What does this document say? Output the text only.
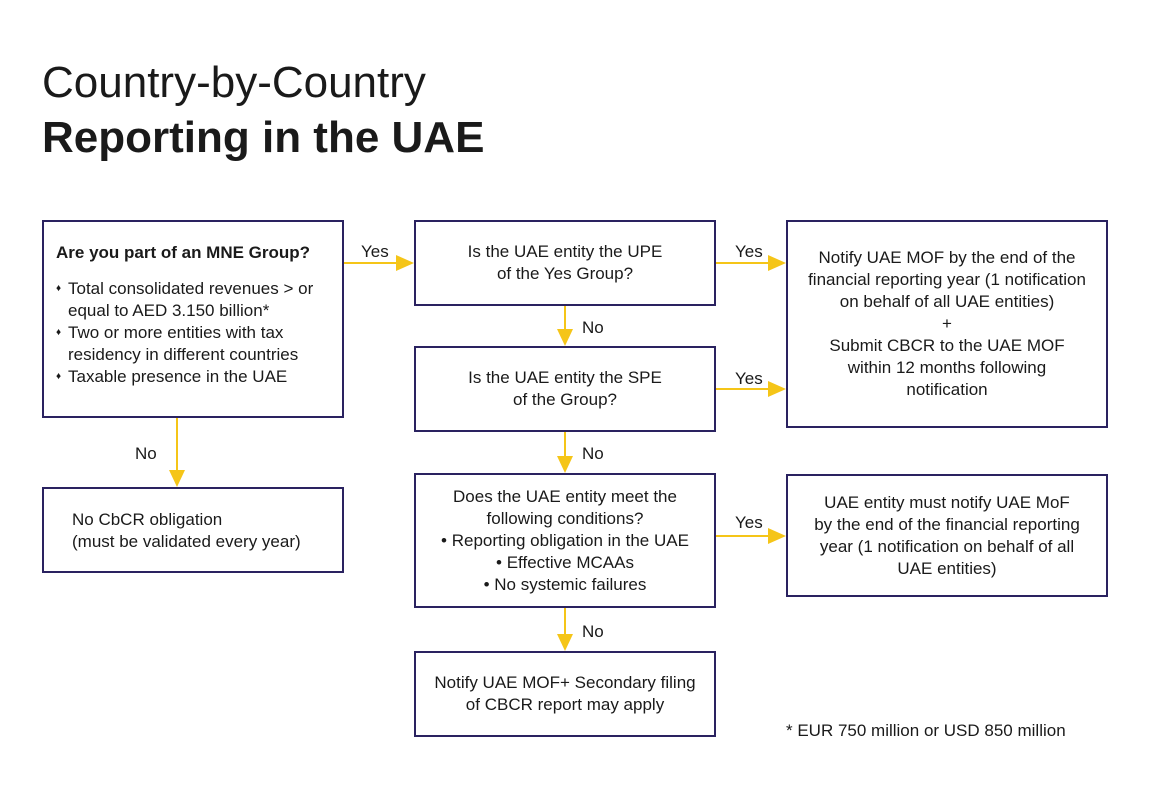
Country-by-Country
Reporting in the UAE
Are you part of an MNE Group?
♦ Total consolidated revenues > or equal to AED 3.150 billion*
♦ Two or more entities with tax residency in different countries
♦ Taxable presence in the UAE
No CbCR obligation
(must be validated every year)
Is the UAE entity the UPE
of the Yes Group?
Is the UAE entity the SPE
of the Group?
Does the UAE entity meet the
following conditions?
• Reporting obligation in the UAE
• Effective MCAAs
• No systemic failures
Notify UAE MOF+ Secondary filing
of CBCR report may apply
Notify UAE MOF by the end of the
financial reporting year (1 notification
on behalf of all UAE entities)
+
Submit CBCR to the UAE MOF
within 12 months following
notification
UAE entity must notify UAE MoF
by the end of the financial reporting
year (1 notification on behalf of all
UAE entities)
Yes
No
Yes
No
Yes
No
Yes
No
* EUR 750 million or USD 850 million
